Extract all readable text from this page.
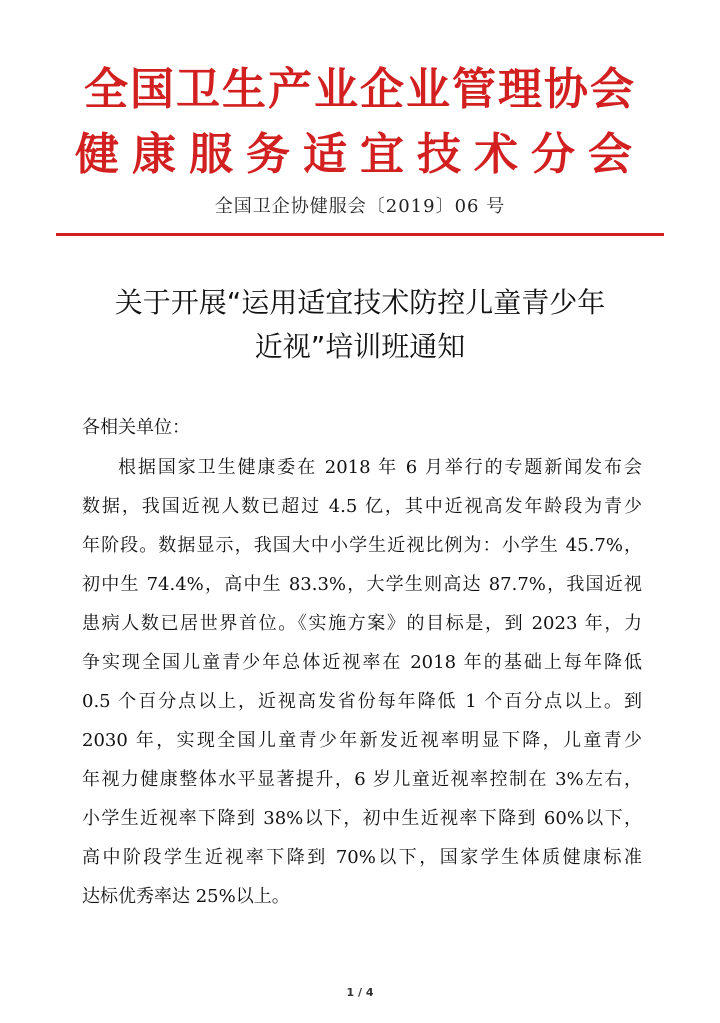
全国卫生产业企业管理协会
健康服务适宜技术分会
全国卫企协健服会〔2019〕06 号
关于开展“运用适宜技术防控儿童青少年
近视”培训班通知
各相关单位：
根据国家卫生健康委在 2018 年 6 月举行的专题新闻发布会
数据，我国近视人数已超过 4.5 亿，其中近视高发年龄段为青少
年阶段。数据显示，我国大中小学生近视比例为：小学生 45.7%，
初中生 74.4%，高中生 83.3%，大学生则高达 87.7%，我国近视
患病人数已居世界首位。《实施方案》的目标是，到 2023 年，力
争实现全国儿童青少年总体近视率在 2018 年的基础上每年降低
0.5 个百分点以上，近视高发省份每年降低 1 个百分点以上。到
2030 年，实现全国儿童青少年新发近视率明显下降，儿童青少
年视力健康整体水平显著提升，6 岁儿童近视率控制在 3%左右，
小学生近视率下降到 38%以下，初中生近视率下降到 60%以下，
高中阶段学生近视率下降到 70%以下，国家学生体质健康标准
达标优秀率达 25%以上。
1 / 4
